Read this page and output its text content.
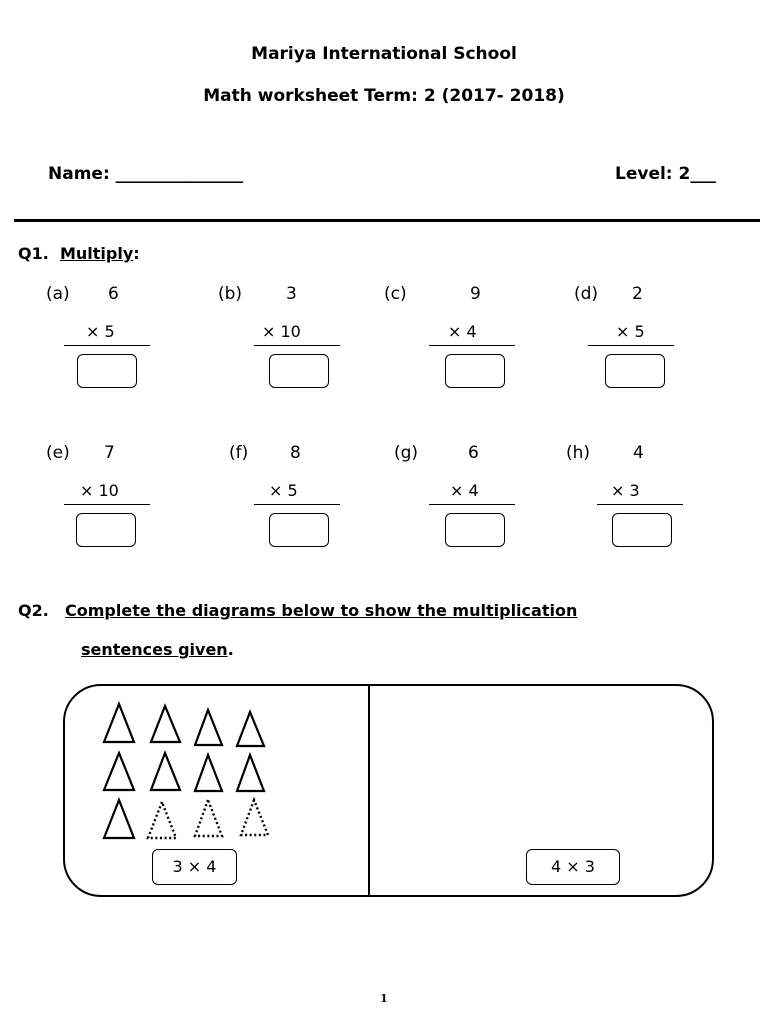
Mariya International School
Math worksheet Term: 2 (2017- 2018)
Name: _______________	Level: 2___
Q1. Multiply:
(a) 6
× 5
(b)	3
× 10
(c)	9
× 4
(d) 2
× 5
(e) 7
× 10
(f) 8
× 5
(g)	6
× 4
(h)	4
× 3
Q2. Complete the diagrams below to show the multiplication
sentences given.
3 × 4	4 × 3
1
